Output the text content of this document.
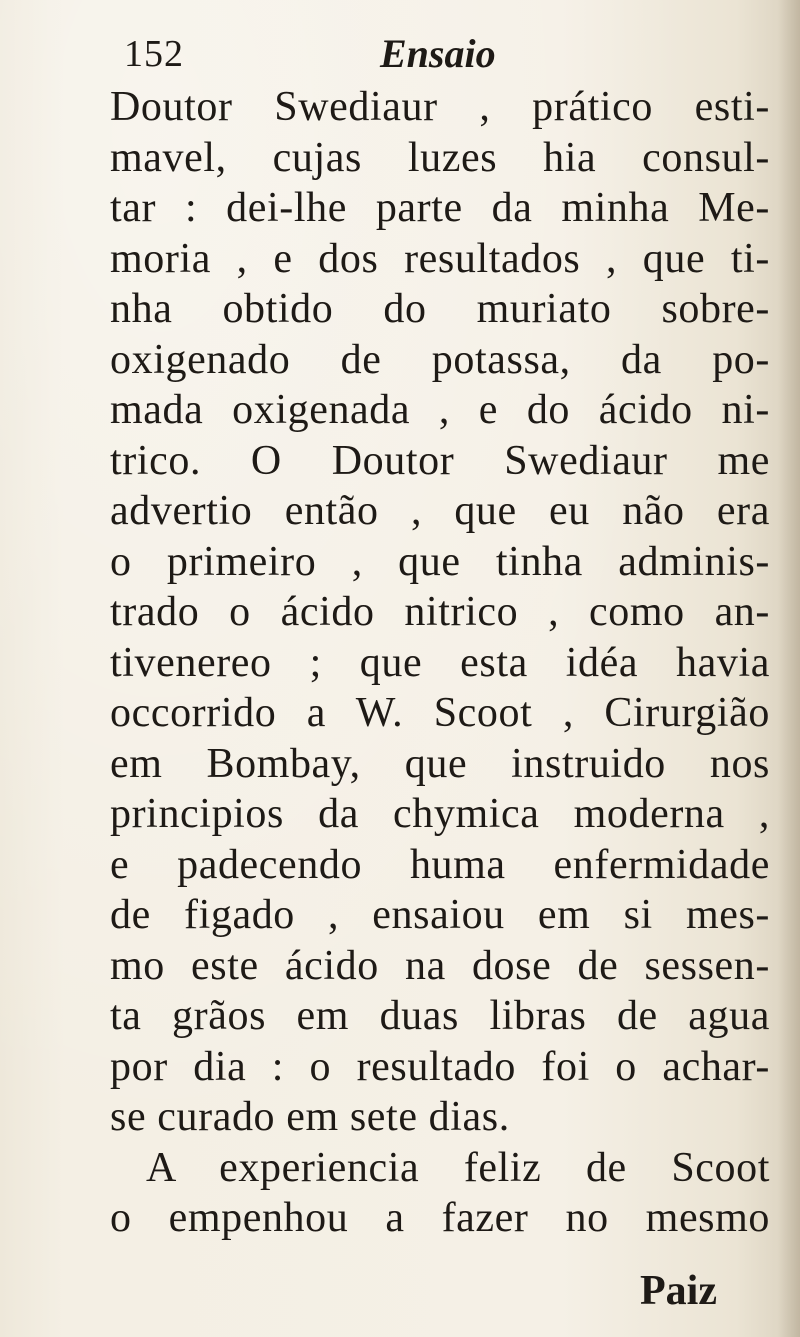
152	Ensaio
Doutor Swediaur , prático esti-
mavel, cujas luzes hia consul-
tar : dei-lhe parte da minha Me-
moria , e dos resultados , que ti-
nha obtido do muriato sobre-
oxigenado de potassa, da po-
mada oxigenada , e do ácido ni-
trico. O Doutor Swediaur me
advertio então , que eu não era
o primeiro , que tinha adminis-
trado o ácido nitrico , como an-
tivenereo ; que esta idéa havia
occorrido a W. Scoot , Cirurgião
em Bombay, que instruido nos
principios da chymica moderna ,
e padecendo huma enfermidade
de figado , ensaiou em si mes-
mo este ácido na dose de sessen-
ta grãos em duas libras de agua
por dia : o resultado foi o achar-
se curado em sete dias.
A experiencia feliz de Scoot
o empenhou a fazer no mesmo
Paiz
